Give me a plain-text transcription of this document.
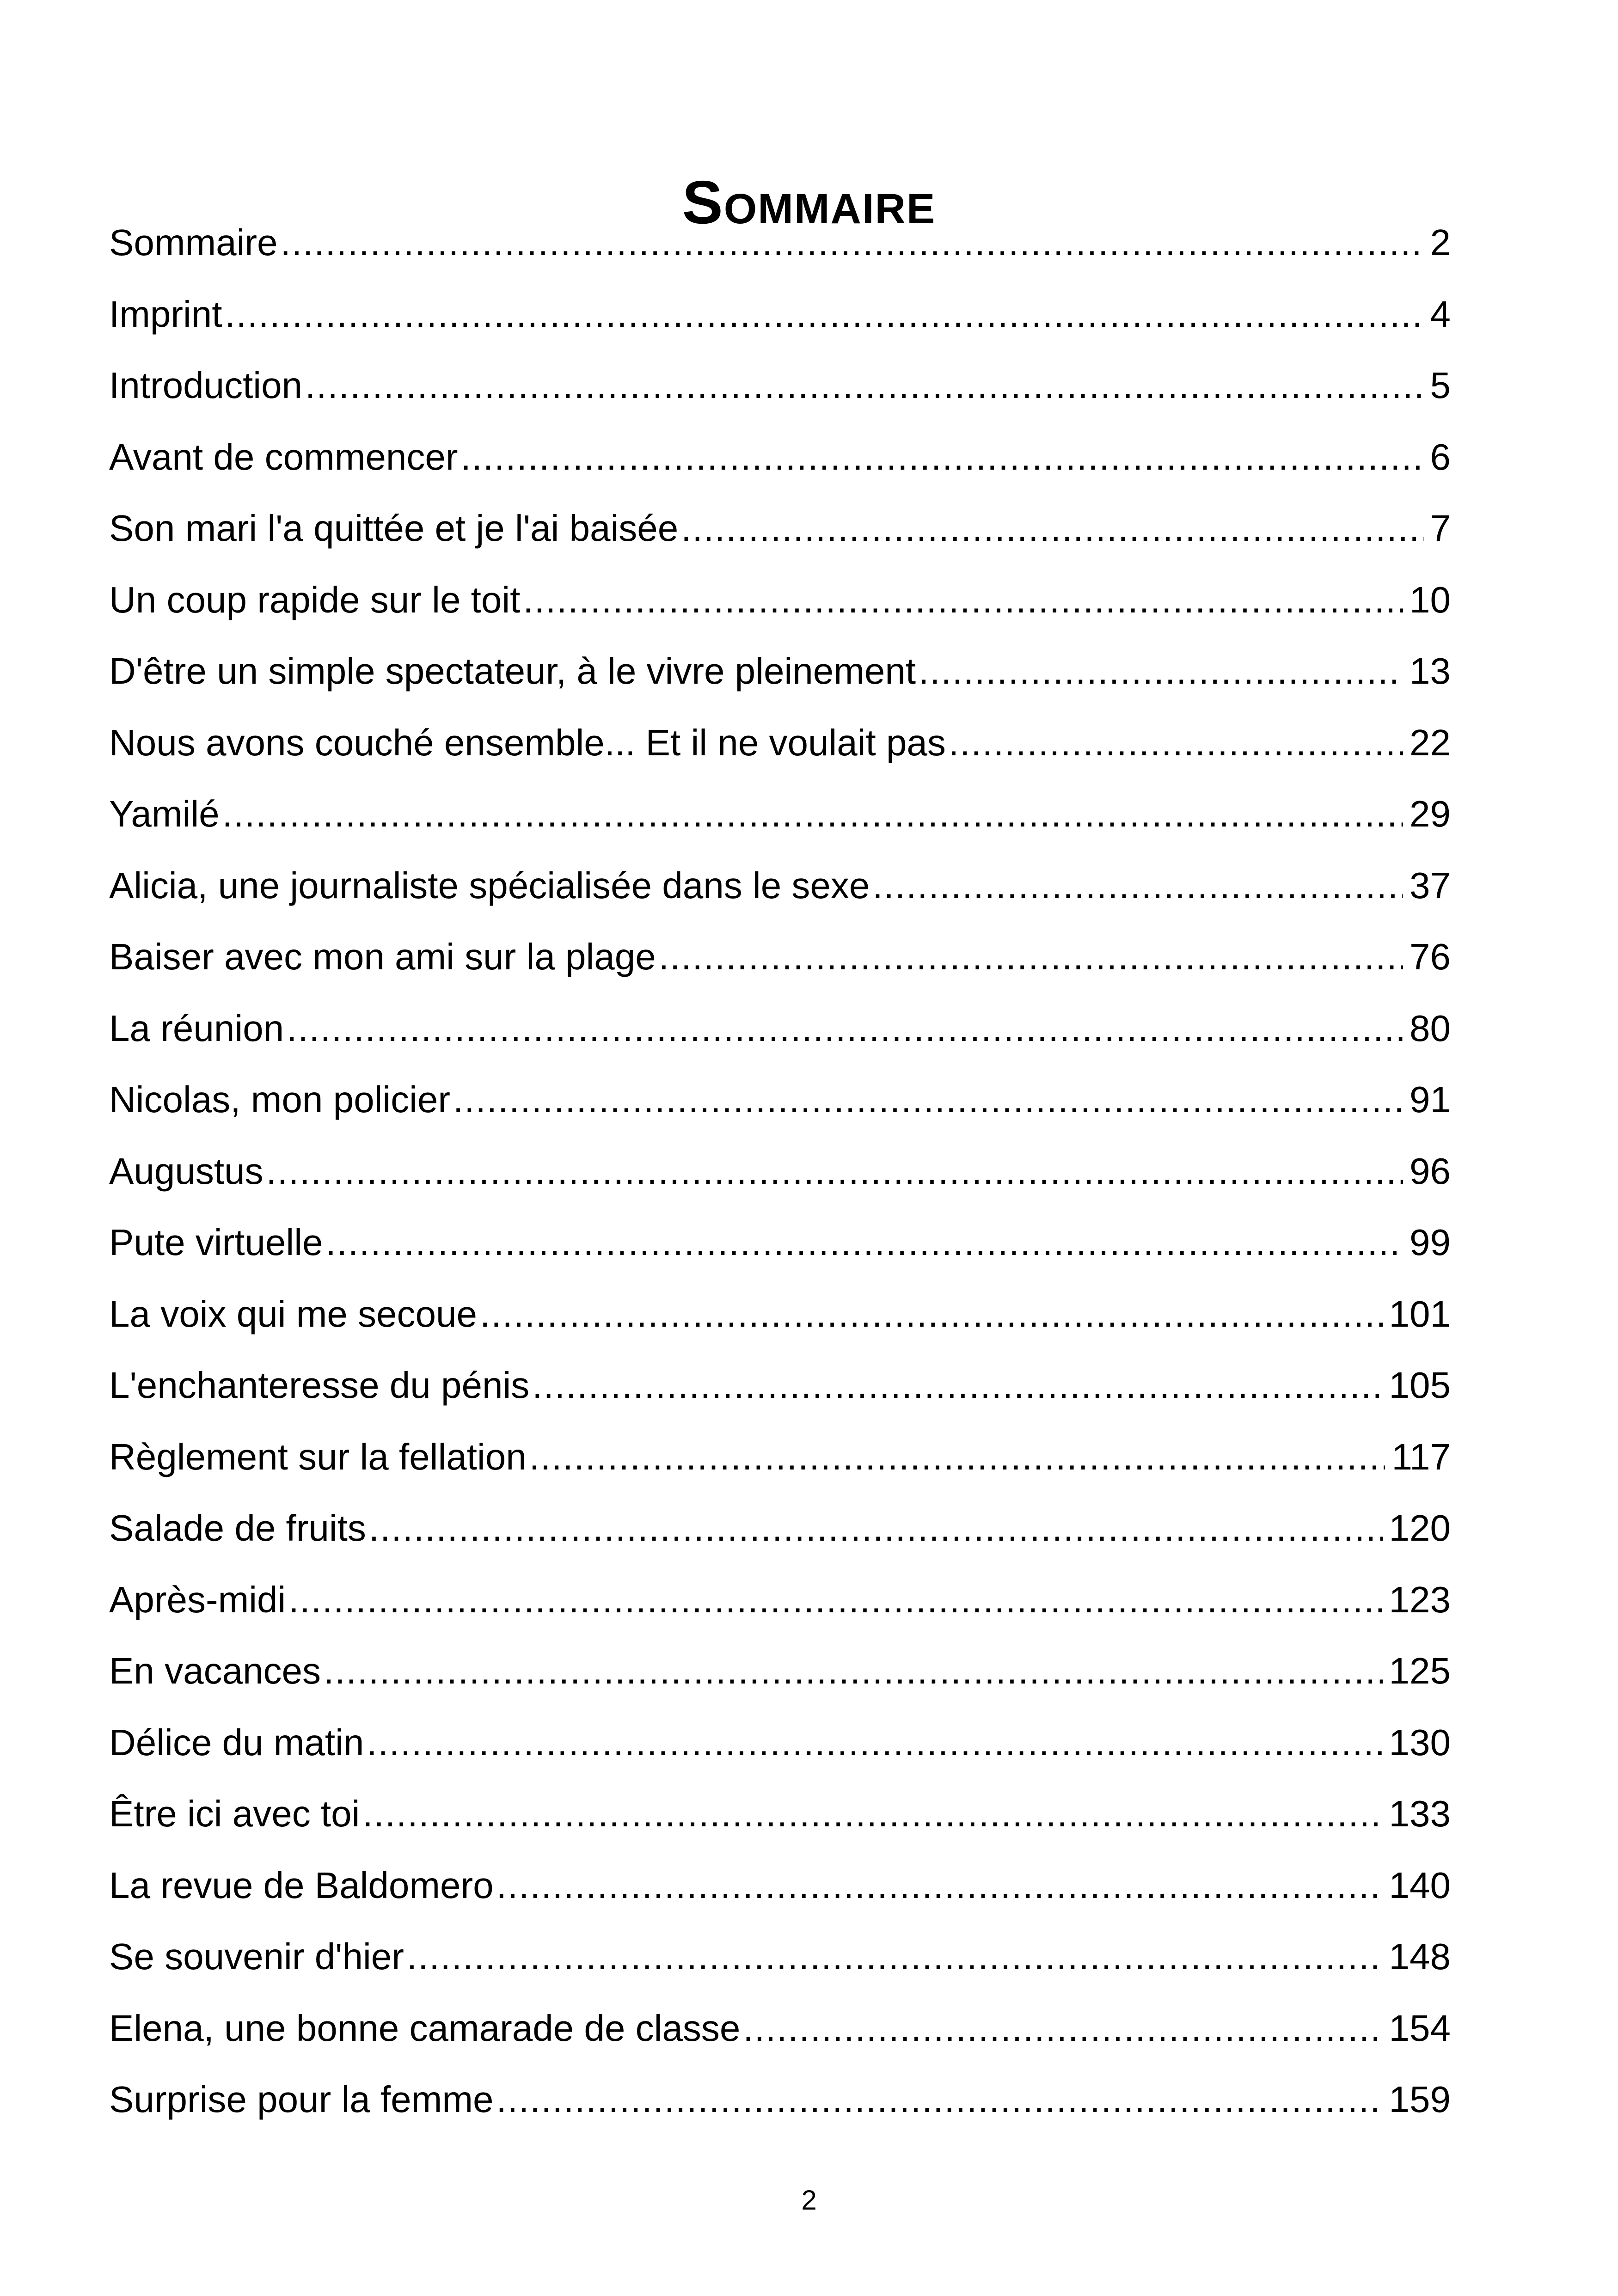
Sommaire
Sommaire .....	2
Imprint .....	4
Introduction .....	5
Avant de commencer .....	6
Son mari l'a quittée et je l'ai baisée .....	7
Un coup rapide sur le toit .....	10
D'être un simple spectateur, à le vivre pleinement .....	13
Nous avons couché ensemble... Et il ne voulait pas .....	22
Yamilé .....	29
Alicia, une journaliste spécialisée dans le sexe .....	37
Baiser avec mon ami sur la plage .....	76
La réunion .....	80
Nicolas, mon policier .....	91
Augustus .....	96
Pute virtuelle .....	99
La voix qui me secoue .....	101
L'enchanteresse du pénis .....	105
Règlement sur la fellation .....	117
Salade de fruits .....	120
Après-midi .....	123
En vacances .....	125
Délice du matin .....	130
Être ici avec toi .....	133
La revue de Baldomero .....	140
Se souvenir d'hier .....	148
Elena, une bonne camarade de classe .....	154
Surprise pour la femme .....	159
2
